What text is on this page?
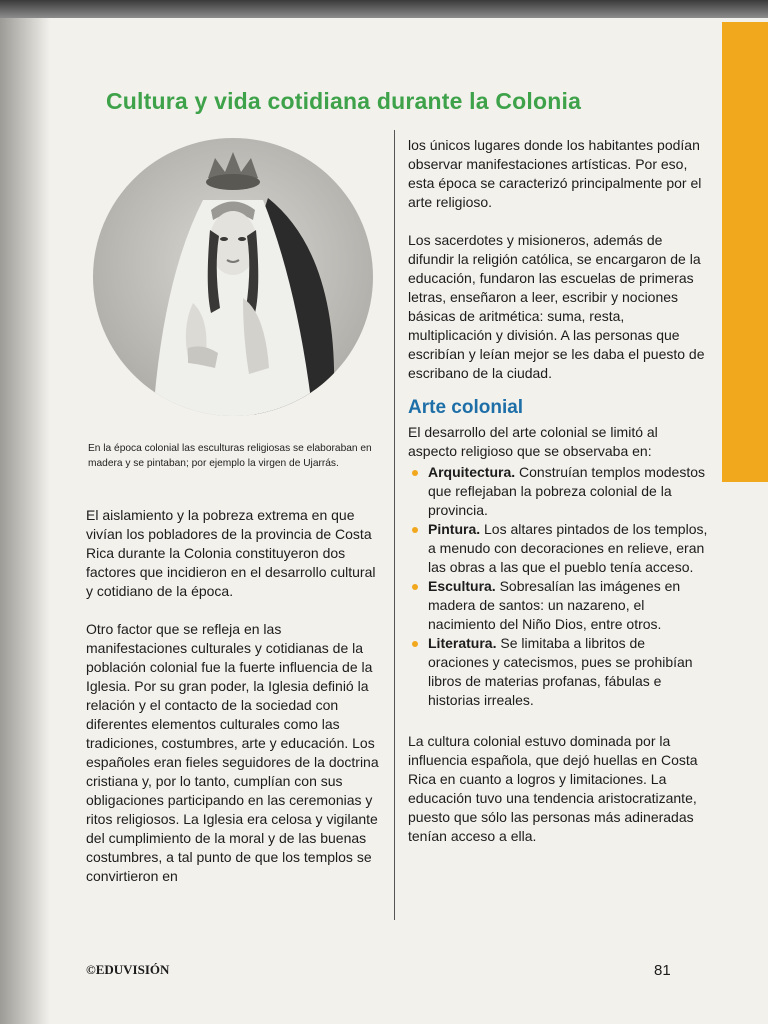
Cultura y vida cotidiana durante la Colonia

En la época colonial las esculturas religiosas se elaboraban en madera y se pintaban; por ejemplo la virgen de Ujarrás.

El aislamiento y la pobreza extrema en que vivían los pobladores de la provincia de Costa Rica durante la Colonia constituyeron dos factores que incidieron en el desarrollo cultural y cotidiano de la época.

Otro factor que se refleja en las manifestaciones culturales y cotidianas de la población colonial fue la fuerte influencia de la Iglesia. Por su gran poder, la Iglesia definió la relación y el contacto de la sociedad con diferentes elementos culturales como las tradiciones, costumbres, arte y educación. Los españoles eran fieles seguidores de la doctrina cristiana y, por lo tanto, cumplían con sus obligaciones participando en las ceremonias y ritos religiosos. La Iglesia era celosa y vigilante del cumplimiento de la moral y de las buenas costumbres, a tal punto de que los templos se convirtieron en

los únicos lugares donde los habitantes podían observar manifestaciones artísticas. Por eso, esta época se caracterizó principalmente por el arte religioso.

Los sacerdotes y misioneros, además de difundir la religión católica, se encargaron de la educación, fundaron las escuelas de primeras letras, enseñaron a leer, escribir y nociones básicas de aritmética: suma, resta, multiplicación y división. A las personas que escribían y leían mejor se les daba el puesto de escribano de la ciudad.

Arte colonial

El desarrollo del arte colonial se limitó al aspecto religioso que se observaba en:

Arquitectura. Construían templos modestos que reflejaban la pobreza colonial de la provincia.
Pintura. Los altares pintados de los templos, a menudo con decoraciones en relieve, eran las obras a las que el pueblo tenía acceso.
Escultura. Sobresalían las imágenes en madera de santos: un nazareno, el nacimiento del Niño Dios, entre otros.
Literatura. Se limitaba a libritos de oraciones y catecismos, pues se prohibían libros de materias profanas, fábulas e historias irreales.

La cultura colonial estuvo dominada por la influencia española, que dejó huellas en Costa Rica en cuanto a logros y limitaciones. La educación tuvo una tendencia aristocratizante, puesto que sólo las personas más adineradas tenían acceso a ella.

©EDUVISIÓN	81
